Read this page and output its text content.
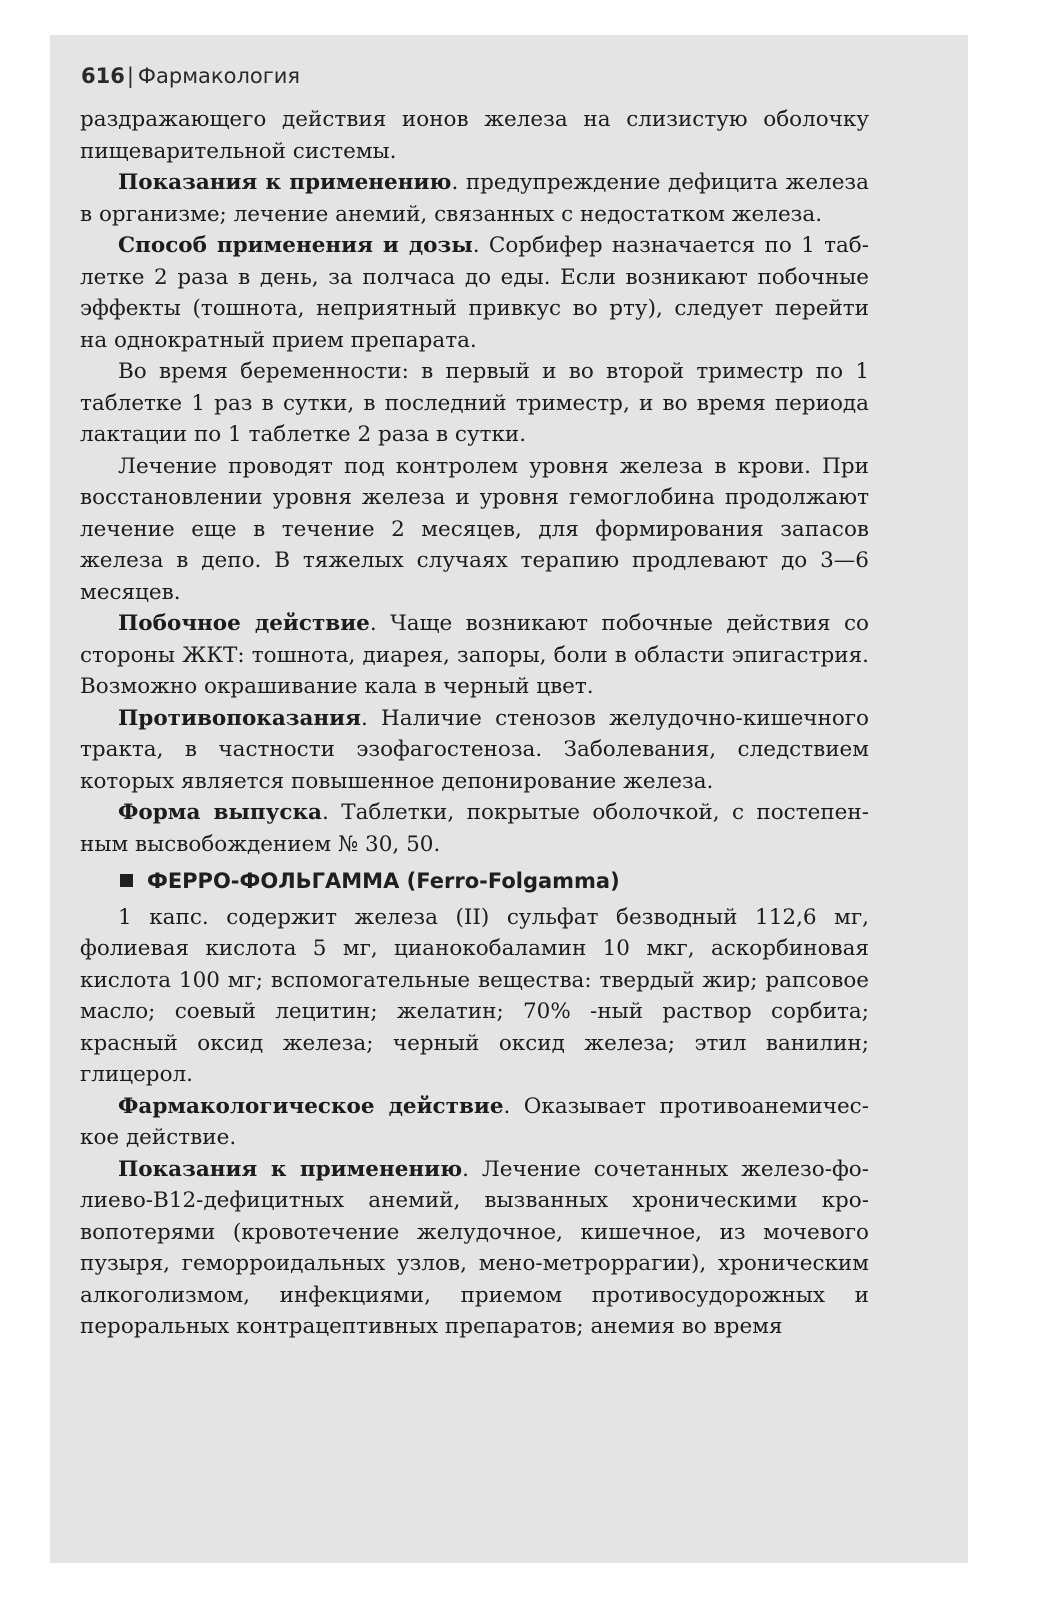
616| Фармакология

раздражающего действия ионов железа на слизистую оболочку пищеварительной системы.

Показания к применению. предупреждение дефицита железа в организме; лечение анемий, связанных с недостатком железа.

Способ применения и дозы. Сорбифер назначается по 1 таблетке 2 раза в день, за полчаса до еды. Если возникают побочные эффекты (тошнота, неприятный привкус во рту), следует перейти на однократный прием препарата.

Во время беременности: в первый и во второй триместр по 1 таблетке 1 раз в сутки, в последний триместр, и во время периода лактации по 1 таблетке 2 раза в сутки.

Лечение проводят под контролем уровня железа в крови. При восстановлении уровня железа и уровня гемоглобина продолжают лечение еще в течение 2 месяцев, для формирования запасов железа в депо. В тяжелых случаях терапию продлевают до 3—6 месяцев.

Побочное действие. Чаще возникают побочные действия со стороны ЖКТ: тошнота, диарея, запоры, боли в области эпигастрия. Возможно окрашивание кала в черный цвет.

Противопоказания. Наличие стенозов желудочно-кишечного тракта, в частности эзофагостеноза. Заболевания, следствием которых является повышенное депонирование железа.

Форма выпуска. Таблетки, покрытые оболочкой, с постепенным высвобождением № 30, 50.

ФЕРРО-ФОЛЬГАММА (Ferro-Folgamma)

1 капс. содержит железа (II) сульфат безводный 112,6 мг, фолиевая кислота 5 мг, цианокобаламин 10 мкг, аскорбиновая кислота 100 мг; вспомогательные вещества: твердый жир; рапсовое масло; соевый лецитин; желатин; 70% -ный раствор сорбита; красный оксид железа; черный оксид железа; этил ванилин; глицерол.

Фармакологическое действие. Оказывает противоанемическое действие.

Показания к применению. Лечение сочетанных железо-фолиево-В12-дефицитных анемий, вызванных хроническими кровопотерями (кровотечение желудочное, кишечное, из мочевого пузыря, геморроидальных узлов, мено-метроррагии), хроническим алкоголизмом, инфекциями, приемом противосудорожных и пероральных контрацептивных препаратов; анемия во время
